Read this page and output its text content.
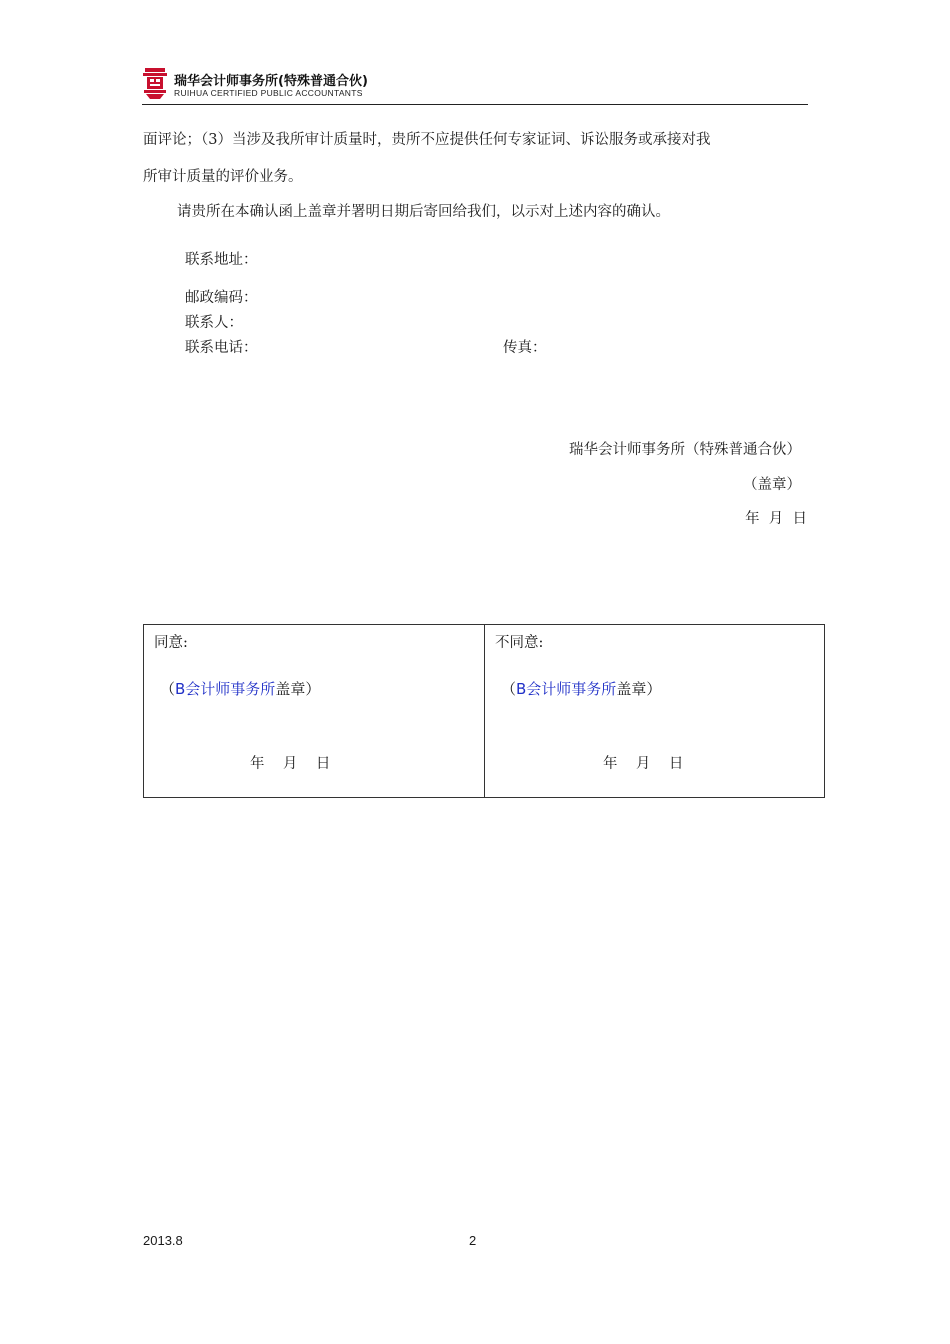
瑞华会计师事务所(特殊普通合伙)
RUIHUA CERTIFIED PUBLIC ACCOUNTANTS
面评论；（3）当涉及我所审计质量时，贵所不应提供任何专家证词、诉讼服务或承接对我
所审计质量的评价业务。
请贵所在本确认函上盖章并署明日期后寄回给我们，以示对上述内容的确认。
联系地址：
邮政编码：
联系人：
联系电话：	传真：
瑞华会计师事务所（特殊普通合伙）
（盖章）
年  月  日
同意:
（B会计师事务所盖章）
年    月    日
不同意:
（B会计师事务所盖章）
年    月    日
2013.8	2
